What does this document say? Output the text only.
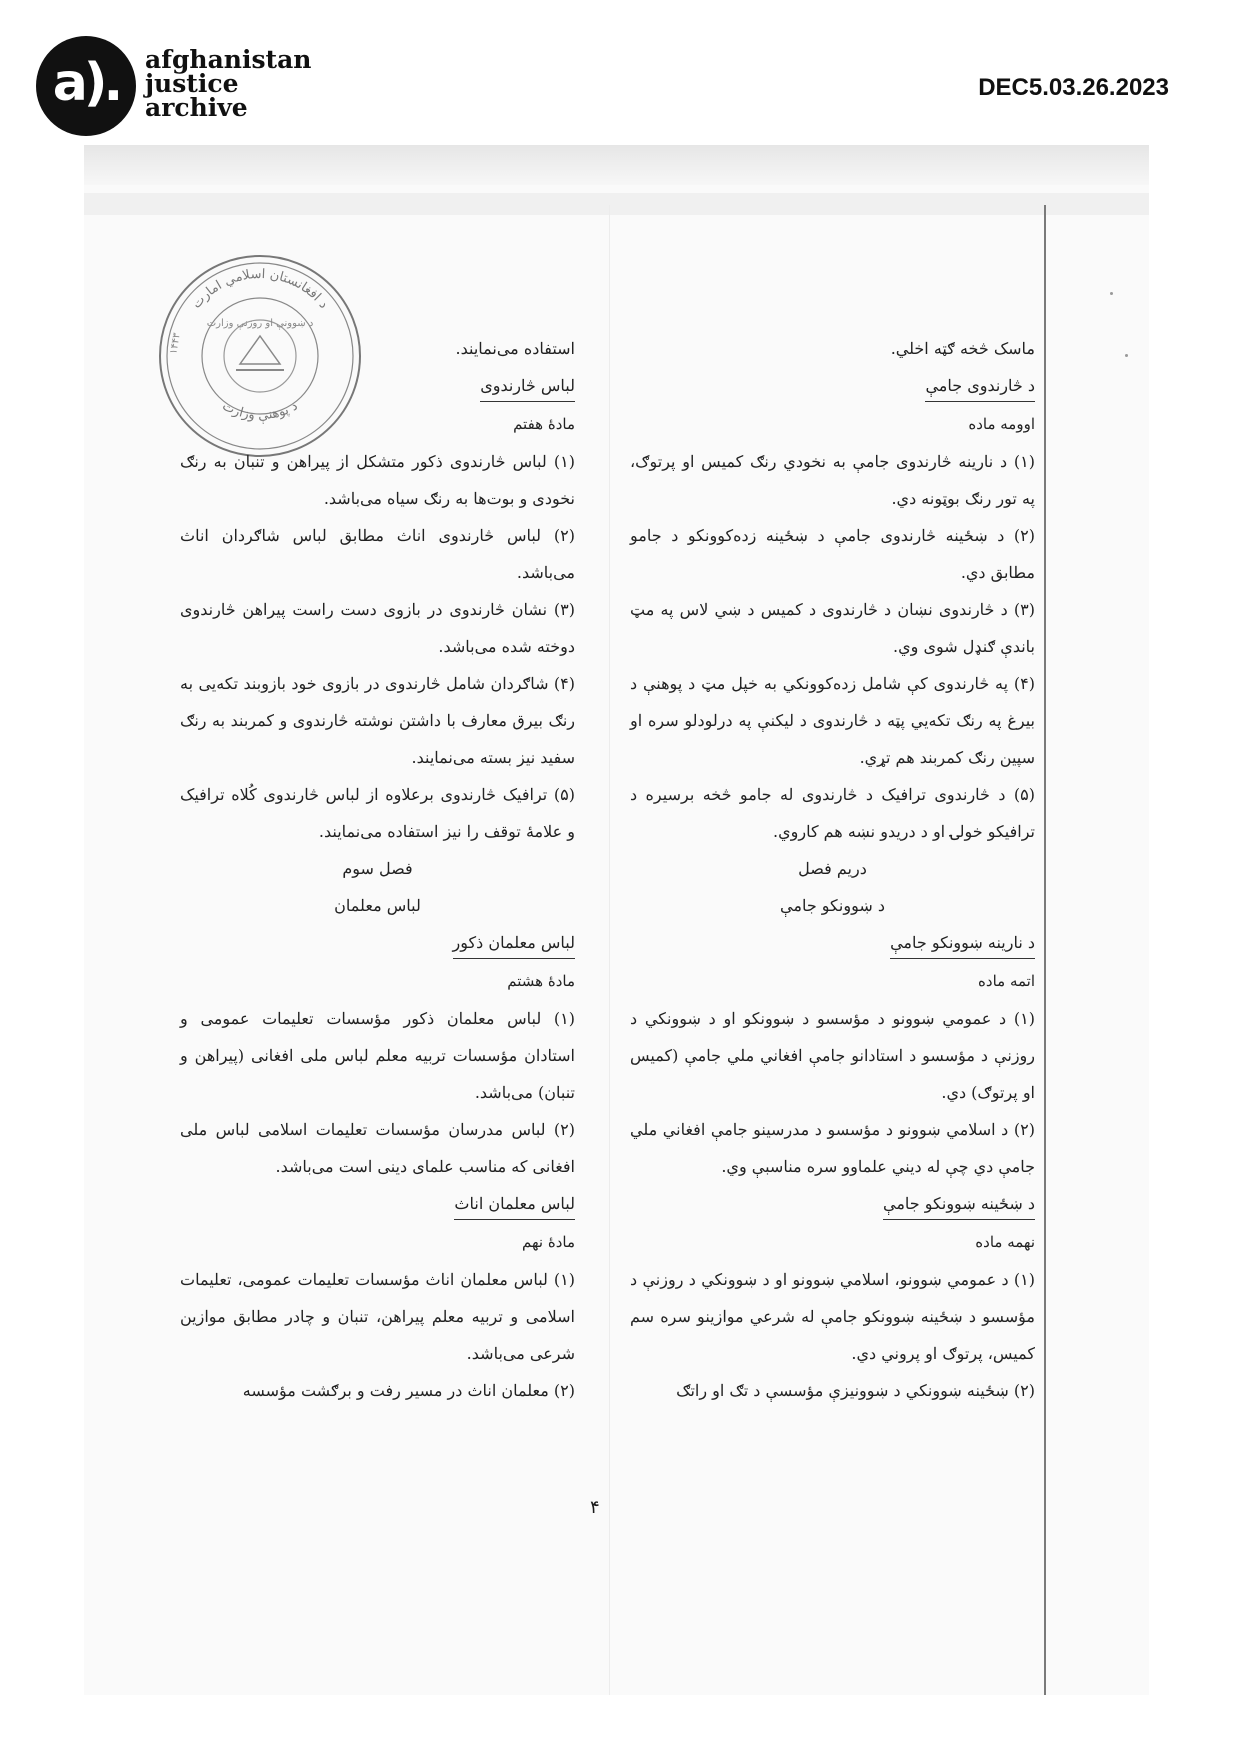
a). afghanistan
justice
archive
DEC5.03.26.2023
د افغانستان اسلامي امارت
د پوهنې وزارت
د ښوونې او روزنې وزارت
۱۴۴۳	ماسک څخه ګټه اخلي.

د څارندوی جامې

اوومه ماده

(۱) د نارینه څارندوی جامې به نخودي رنګ کمیس او پرتوګ، په تور رنګ بوټونه دي.

(۲) د ښځینه څارندوی جامې د ښځینه زده‌کوونکو د جامو مطابق دي.

(۳) د څارندوی نښان د څارندوی د کمیس د ښي لاس په مټ باندې ګنډل شوی وي.

(۴) په څارندوی کې شامل زده‌کوونکي به خپل مټ د پوهنې د بیرغ په رنګ تکه‌یي پټه د څارندوی د لیکنې په درلودلو سره او سپین رنګ کمربند هم تړي.

(۵) د څارندوی ترافیک د څارندوی له جامو څخه برسیره د ترافیکو خولۍ او د دریدو نښه هم کاروي.

دریم فصل

د ښوونکو جامې

د نارینه ښوونکو جامې

اتمه ماده

(۱) د عمومي ښوونو د مؤسسو د ښوونکو او د ښوونکي د روزنې د مؤسسو د استادانو جامې افغاني ملي جامې (کمیس او پرتوګ) دي.

(۲) د اسلامي ښوونو د مؤسسو د مدرسینو جامې افغاني ملي جامې دي چې له دیني علماوو سره مناسبې وي.

د ښځینه ښوونکو جامې

نهمه ماده

(۱) د عمومي ښوونو، اسلامي ښوونو او د ښوونکي د روزنې د مؤسسو د ښځینه ښوونکو جامې له شرعي موازینو سره سم کمیس، پرتوګ او پروني دي.

(۲) ښځینه ښوونکي د ښوونیزې مؤسسې د تګ او راتګ

استفاده می‌نمایند.

لباس څارندوی

مادهٔ هفتم

(۱) لباس څارندوی ذکور متشکل از پیراهن و تنبان به رنګ نخودی و بوت‌ها به رنګ سیاه می‌باشد.

(۲) لباس څارندوی اناث مطابق لباس شاګردان اناث می‌باشد.

(۳) نشان څارندوی در بازوی دست راست پیراهن څارندوی دوخته شده می‌باشد.

(۴) شاګردان شامل څارندوی در بازوی خود بازوبند تکه‌یی به رنګ بیرق معارف با داشتن نوشته څارندوی و کمربند به رنګ سفید نیز بسته می‌نمایند.

(۵) ترافیک څارندوی برعلاوه از لباس څارندوی کُلاه ترافیک و علامهٔ توقف را نیز استفاده می‌نمایند.

فصل سوم

لباس معلمان

لباس معلمان ذکور

مادهٔ هشتم

(۱) لباس معلمان ذکور مؤسسات تعلیمات عمومی و استادان مؤسسات تربیه معلم لباس ملی افغانی (پیراهن و تنبان) می‌باشد.

(۲) لباس مدرسان مؤسسات تعلیمات اسلامی لباس ملی افغانی که مناسب علمای دینی است می‌باشد.

لباس معلمان اناث

مادهٔ نهم

(۱) لباس معلمان اناث مؤسسات تعلیمات عمومی، تعلیمات اسلامی و تربیه معلم پیراهن، تنبان و چادر مطابق موازین شرعی می‌باشد.

(۲) معلمان اناث در مسیر رفت و برګشت مؤسسه

۴
